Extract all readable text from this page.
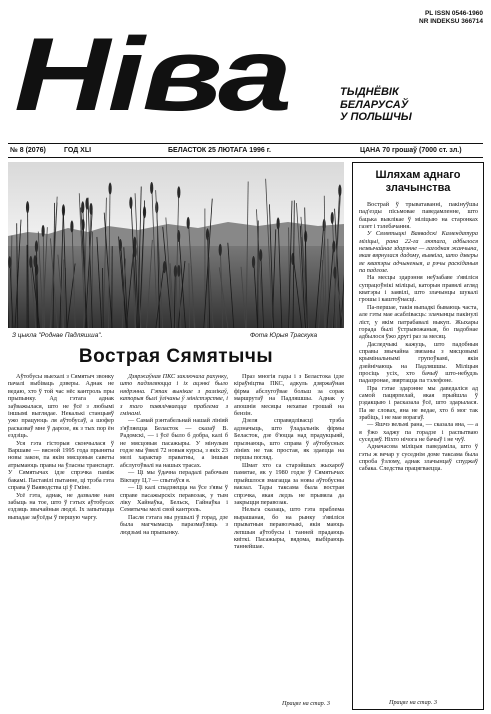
PL ISSN 0546-1960
NR INDEKSU 366714
Ніва	ТЫДНЁВІК
БЕЛАРУСАЎ
У ПОЛЬШЧЫ
№ 8 (2076)	ГОД XLI	БЕЛАСТОК 25 ЛЮТАГА 1996 г.	ЦАНА 70 грошаў (7000 ст. зл.)
З цыкла "Роднае Падляшша".	Фота Юрыя Траскука
Вострая Сямятычы

Аўтобусы выехалі з Сямятыч звонку пачалі выбіваць дзверы. Аднак не ведаю, хто ў той час нёс кантроль пры прыпынку. Ад гэтага аднак заўважылася, што не ўсё з любымі іншымі выглядае. Некалькі станцыяў ужо працуюць ля аўтобусаў, а шофер расказваў мне ў дарозе, як з тых пор ён ездзіць.

Уся гэта гісторыя скончылася ў Варшаве — вясной 1995 года прыняты новы закон, па якім мясцовыя саветы атрымаюць правы на ўласны транспарт. У Сямятычах ідзе спрэчка паміж бакамі. Паставілі пытанне, ці трэба гэта справа ў Ваяводства ці ў Гміне.

Усё гэта, аднак, не дазваляе нам забыць на тое, што ў гэтых аўтобусах ездзяць звычайныя людзі. Іх запытацца выпадае заўсёды ў першую чаргу.

Дзяржаўная ПКС заключала рахунку, што падзяляюцца і іх ацэнкі было нядрэнна. Гэтак вынікае з разлікаў, каторыя былі ўлічаны ў міністэрстве, і з таго павялічваецца праблема з гмінамі.

— Самай рэнтабельнай нашай лініяй з'яўляецца Беласток — сказаў В. Радомскі, — і ўсё было б добра, калі б не мясцовыя пасажыры. У мінулым годзе мы ўвялі 72 новыя курсы, з якіх 23 мелі характар праватны, а іншыя абслугоўвалі на нашых трасах.

— Ці мы ўдачна перадалі рабочым Віктару Ц.? — спытаўся я.

— Ці калі спадзяецца на ўсе з'явы ў справе пасажырскіх перавозак, у тым ліку Хайнаўка, Бельск, Гайнаўка і Семятычы мелі свой кантроль.

Пасля гэтага мы рушылі ў горад, дзе была магчымасць паразмаўляць з людзьмі на прыпынку.

Праз многія гады і з Беластока ідзе кіраўніцтва ПКС, адкуль дзяржаўная фірма абслугоўвае больш за сорак маршрутаў на Падляшшы. Аднак у апошнія месяцы нехапае грошай на бензін.

Дзеля справядлівасці трэба адзначыць, што ўладальнік фірмы Беласток, дзе б'юцца над прадукцыяй, прызнаюць, што справа ў аўтобусных лініях не так простая, як здаецца на першы погляд.

Шмат хто са старэйшых жыхароў памятае, як у 1980 годзе ў Сямятычах прыйшлося змагацца за новы аўтобусны вакзал. Тады таксама была вострая спрэчка, якая ледзь не прывяла да закрыцця перавозак.

Нельга сказаць, што гэта праблема вырашаная, бо на рынку з'явіліся прыватныя перавозчыкі, якія маюць лепшыя аўтобусы і танней прадаюць квіткі. Пасажыры, вядома, выбіраюць таннейшае.

Працяг на стар. 3
Шляхам аднаго
злачынства

Вострай ў трыватаванні, пакінуўшы пад'езды пісьмовае паведамленне, што бацька выклікае ў міліцыю на старонках газет і тэлебачання.

У Сямятыцкі Ваявадскі Камендатура міліцыі, рана 22-га лютага, адбылося незвычайнае здарэнне — лагодная жанчына, якая вярнулася дадому, выявіла, што дзверы яе кватэры адчыненыя, а рэчы раскіданыя па падлозе.

На месцы здарэння неўзабаве з'явіліся супрацоўнікі міліцыі, каторыя правялі агляд кватэры і заявілі, што злачынцы шукалі грошы і каштоўнасці.

Па-першае, такія выпадкі бываюць часта, але гэты мае асаблівасць: злачынцы пакінулі ліст, у якім патрабавалі выкуп. Жыхары горада былі ўстрывожаныя, бо падобнае адбылося ўжо другі раз за месяц.

Даследчыкі кажуць, што падобныя справы звычайна звязаны з мясцовымі крымінальнымі групоўкамі, якія дзейнічаюць на Падляшшы. Міліцыя просіць усіх, хто бачыў што-небудзь падазронае, звяртацца па тэлефоне.

Пра гэтае здарэнне мы даведаліся ад самой пацярпелай, якая прыйшла ў рэдакцыю і расказала ўсё, што здарылася. Па яе словах, яна не ведае, хто б мог так зрабіць, і не мае ворагаў.

— Яшчэ вельмі рана, — сказала яна, — а я ўжо хаджу па горадзе і распытваю суседзяў. Ніхто нічога не бачыў і не чуў.

Адначасова міліцыя паведаміла, што ў гэты ж вечар у суседнім доме таксама была спроба ўзлому, аднак злачынцаў спуджаў сабака. Следства працягваецца.

Працяг на стар. 3
